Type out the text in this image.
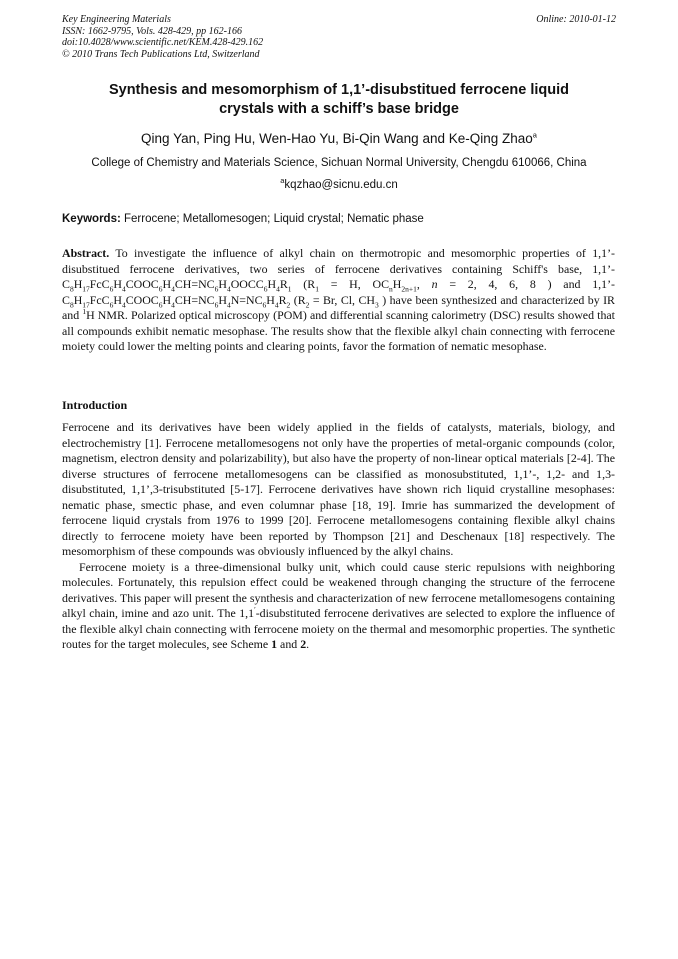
Key Engineering Materials	Online: 2010-01-12
ISSN: 1662-9795, Vols. 428-429, pp 162-166
doi:10.4028/www.scientific.net/KEM.428-429.162
© 2010 Trans Tech Publications Ltd, Switzerland
Synthesis and mesomorphism of 1,1’-disubstitued ferrocene liquid
crystals with a schiff’s base bridge
Qing Yan, Ping Hu, Wen-Hao Yu, Bi-Qin Wang and Ke-Qing Zhao$^a$
College of Chemistry and Materials Science, Sichuan Normal University, Chengdu 610066, China
$^a$kqzhao@sicnu.edu.cn
Keywords: Ferrocene; Metallomesogen; Liquid crystal; Nematic phase
Abstract. To investigate the influence of alkyl chain on thermotropic and mesomorphic properties of 1,1’-disubstitued ferrocene derivatives, two series of ferrocene derivatives containing Schiff's base, $1,1’-C_8H_{17}FcC_6H_4COOC_6H_4CH=NC_6H_4OOCC_6H_4R_1$ ($R_1 = H$, $OC_nH_{2n+1}$, n = 2, 4, 6, 8 ) and $1,1’-C_8H_{17}FcC_6H_4COOC_6H_4CH=NC_6H_4N=NC_6H_4R_2$ ($R_2 = Br$, Cl, $CH_3$ ) have been synthesized and characterized by IR and $^1$H NMR. Polarized optical microscopy (POM) and differential scanning calorimetry (DSC) results showed that all compounds exhibit nematic mesophase. The results show that the flexible alkyl chain connecting with ferrocene moiety could lower the melting points and clearing points, favor the formation of nematic mesophase.
Introduction

Ferrocene and its derivatives have been widely applied in the fields of catalysts, materials, biology, and electrochemistry [1]. Ferrocene metallomesogens not only have the properties of metal-organic compounds (color, magnetism, electron density and polarizability), but also have the property of non-linear optical materials [2-4]. The diverse structures of ferrocene metallomesogens can be classified as monosubstituted, 1,1’-, 1,2- and 1,3-disubstituted, 1,1’,3-trisubstituted [5-17]. Ferrocene derivatives have shown rich liquid crystalline mesophases: nematic phase, smectic phase, and even columnar phase [18, 19]. Imrie has summarized the development of ferrocene liquid crystals from 1976 to 1999 [20]. Ferrocene metallomesogens containing flexible alkyl chains directly to ferrocene moiety have been reported by Thompson [21] and Deschenaux [18] respectively. The mesomorphism of these compounds was obviously influenced by the alkyl chains.

Ferrocene moiety is a three-dimensional bulky unit, which could cause steric repulsions with neighboring molecules. Fortunately, this repulsion effect could be weakened through changing the structure of the ferrocene derivatives. This paper will present the synthesis and characterization of new ferrocene metallomesogens containing alkyl chain, imine and azo unit. The 1,1′-disubstituted ferrocene derivatives are selected to explore the influence of the flexible alkyl chain connecting with ferrocene moiety on the thermal and mesomorphic properties. The synthetic routes for the target molecules, see Scheme 1 and 2.
